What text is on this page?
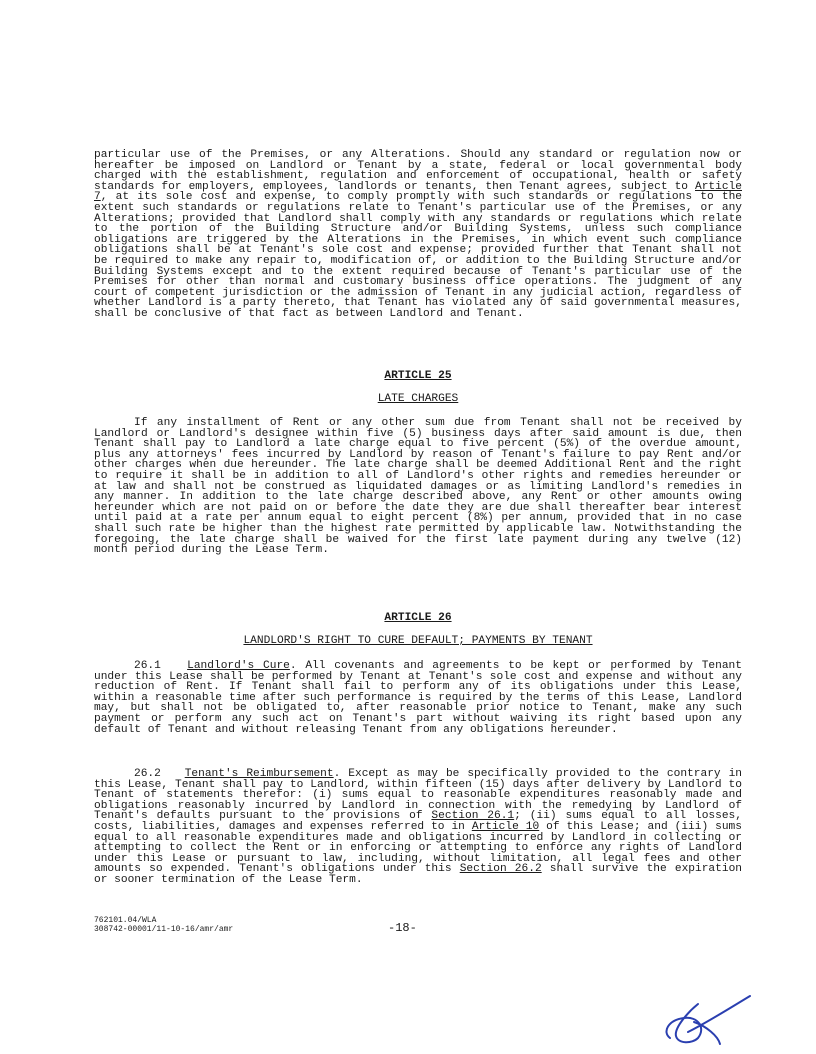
particular use of the Premises, or any Alterations. Should any standard or regulation now or hereafter be imposed on Landlord or Tenant by a state, federal or local governmental body charged with the establishment, regulation and enforcement of occupational, health or safety standards for employers, employees, landlords or tenants, then Tenant agrees, subject to Article 7, at its sole cost and expense, to comply promptly with such standards or regulations to the extent such standards or regulations relate to Tenant's particular use of the Premises, or any Alterations; provided that Landlord shall comply with any standards or regulations which relate to the portion of the Building Structure and/or Building Systems, unless such compliance obligations are triggered by the Alterations in the Premises, in which event such compliance obligations shall be at Tenant's sole cost and expense; provided further that Tenant shall not be required to make any repair to, modification of, or addition to the Building Structure and/or Building Systems except and to the extent required because of Tenant's particular use of the Premises for other than normal and customary business office operations. The judgment of any court of competent jurisdiction or the admission of Tenant in any judicial action, regardless of whether Landlord is a party thereto, that Tenant has violated any of said governmental measures, shall be conclusive of that fact as between Landlord and Tenant.
ARTICLE 25
LATE CHARGES
If any installment of Rent or any other sum due from Tenant shall not be received by Landlord or Landlord's designee within five (5) business days after said amount is due, then Tenant shall pay to Landlord a late charge equal to five percent (5%) of the overdue amount, plus any attorneys' fees incurred by Landlord by reason of Tenant's failure to pay Rent and/or other charges when due hereunder. The late charge shall be deemed Additional Rent and the right to require it shall be in addition to all of Landlord's other rights and remedies hereunder or at law and shall not be construed as liquidated damages or as limiting Landlord's remedies in any manner. In addition to the late charge described above, any Rent or other amounts owing hereunder which are not paid on or before the date they are due shall thereafter bear interest until paid at a rate per annum equal to eight percent (8%) per annum, provided that in no case shall such rate be higher than the highest rate permitted by applicable law. Notwithstanding the foregoing, the late charge shall be waived for the first late payment during any twelve (12) month period during the Lease Term.
ARTICLE 26
LANDLORD'S RIGHT TO CURE DEFAULT; PAYMENTS BY TENANT
26.1 Landlord's Cure. All covenants and agreements to be kept or performed by Tenant under this Lease shall be performed by Tenant at Tenant's sole cost and expense and without any reduction of Rent. If Tenant shall fail to perform any of its obligations under this Lease, within a reasonable time after such performance is required by the terms of this Lease, Landlord may, but shall not be obligated to, after reasonable prior notice to Tenant, make any such payment or perform any such act on Tenant's part without waiving its right based upon any default of Tenant and without releasing Tenant from any obligations hereunder.
26.2 Tenant's Reimbursement. Except as may be specifically provided to the contrary in this Lease, Tenant shall pay to Landlord, within fifteen (15) days after delivery by Landlord to Tenant of statements therefor: (i) sums equal to reasonable expenditures reasonably made and obligations reasonably incurred by Landlord in connection with the remedying by Landlord of Tenant's defaults pursuant to the provisions of Section 26.1; (ii) sums equal to all losses, costs, liabilities, damages and expenses referred to in Article 10 of this Lease; and (iii) sums equal to all reasonable expenditures made and obligations incurred by Landlord in collecting or attempting to collect the Rent or in enforcing or attempting to enforce any rights of Landlord under this Lease or pursuant to law, including, without limitation, all legal fees and other amounts so expended. Tenant's obligations under this Section 26.2 shall survive the expiration or sooner termination of the Lease Term.
762101.04/WLA
308742-00001/11-10-16/amr/amr	-18-
